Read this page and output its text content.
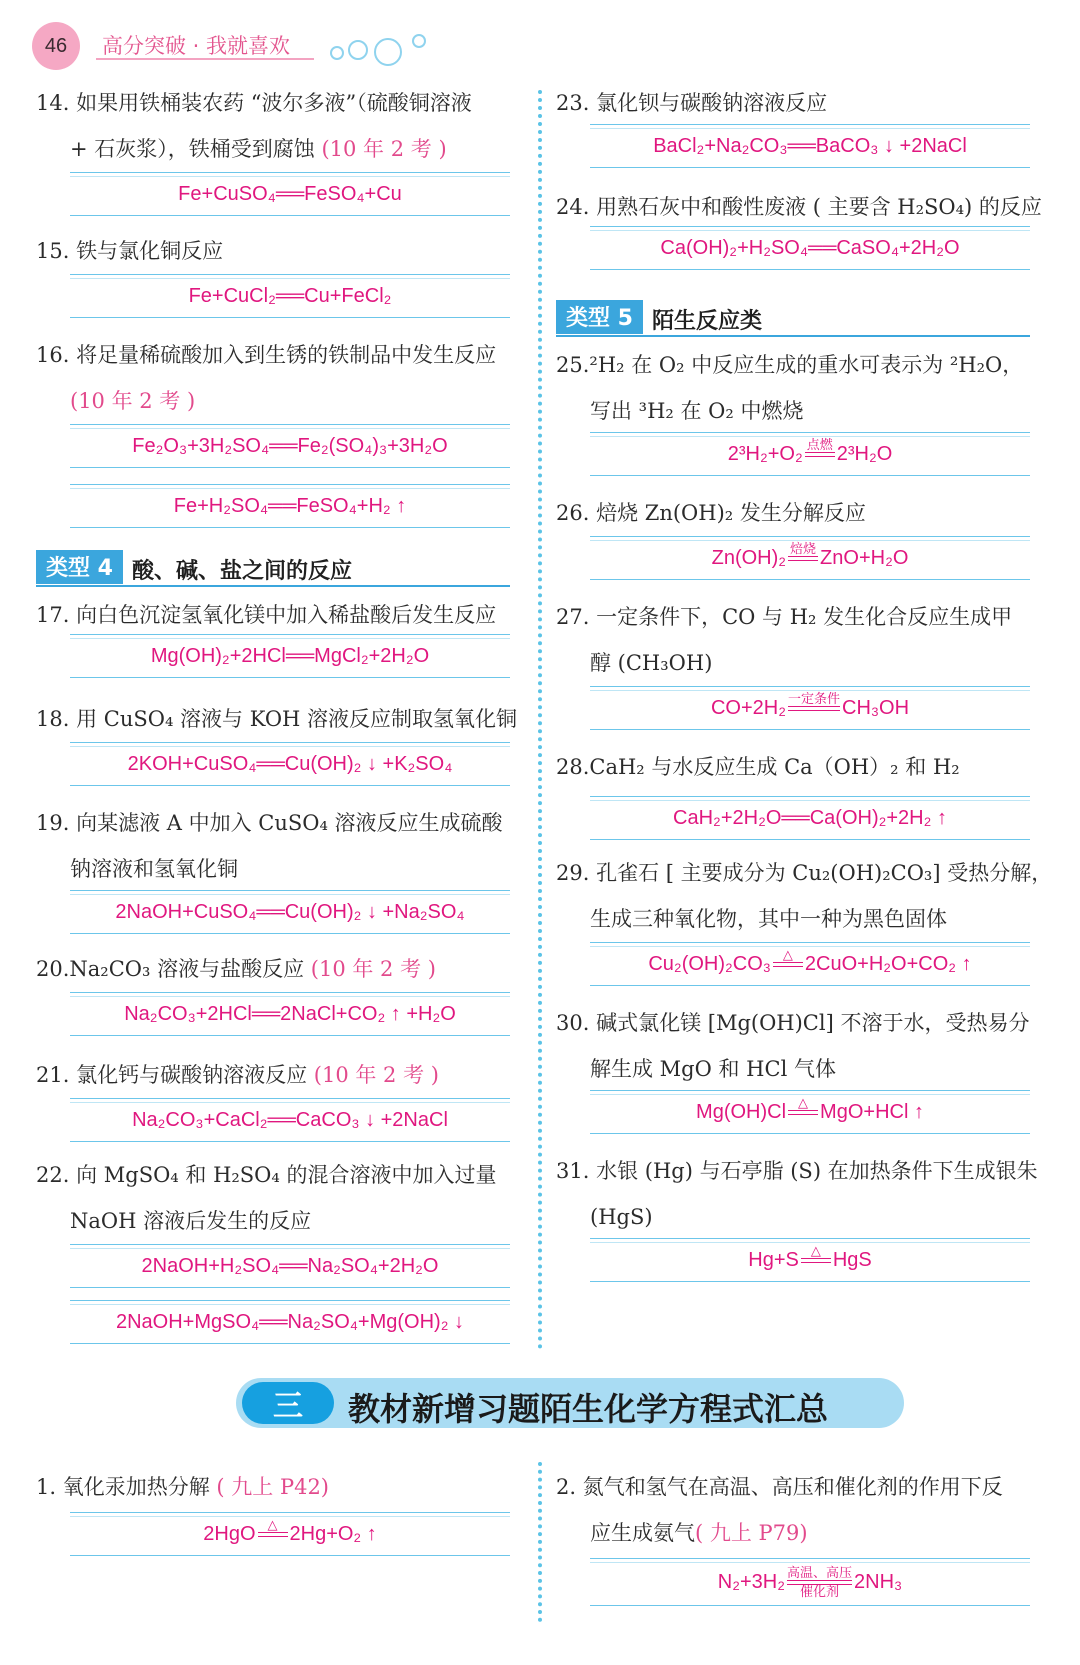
46	高分突破 · 我就喜欢
14. 如果用铁桶装农药 “波尔多液”（硫酸铜溶液
+ 石灰浆），铁桶受到腐蚀 (10 年 2 考 )
Fe+CuSO₄══FeSO₄+Cu
15. 铁与氯化铜反应
Fe+CuCl₂══Cu+FeCl₂
16. 将足量稀硫酸加入到生锈的铁制品中发生反应
(10 年 2 考 )
Fe₂O₃+3H₂SO₄══Fe₂(SO₄)₃+3H₂O
Fe+H₂SO₄══FeSO₄+H₂ ↑
类型 4 酸、碱、盐之间的反应
17. 向白色沉淀氢氧化镁中加入稀盐酸后发生反应
Mg(OH)₂+2HCl══MgCl₂+2H₂O
18. 用 CuSO₄ 溶液与 KOH 溶液反应制取氢氧化铜
2KOH+CuSO₄══Cu(OH)₂ ↓ +K₂SO₄
19. 向某滤液 A 中加入 CuSO₄ 溶液反应生成硫酸
钠溶液和氢氧化铜
2NaOH+CuSO₄══Cu(OH)₂ ↓ +Na₂SO₄
20.Na₂CO₃ 溶液与盐酸反应 (10 年 2 考 )
Na₂CO₃+2HCl══2NaCl+CO₂ ↑ +H₂O
21. 氯化钙与碳酸钠溶液反应 (10 年 2 考 )
Na₂CO₃+CaCl₂══CaCO₃ ↓ +2NaCl
22. 向 MgSO₄ 和 H₂SO₄ 的混合溶液中加入过量
NaOH 溶液后发生的反应
2NaOH+H₂SO₄══Na₂SO₄+2H₂O
2NaOH+MgSO₄══Na₂SO₄+Mg(OH)₂ ↓
23. 氯化钡与碳酸钠溶液反应
BaCl₂+Na₂CO₃══BaCO₃ ↓ +2NaCl
24. 用熟石灰中和酸性废液 ( 主要含 H₂SO₄) 的反应
Ca(OH)₂+H₂SO₄══CaSO₄+2H₂O
类型 5 陌生反应类
25.²H₂ 在 O₂ 中反应生成的重水可表示为 ²H₂O，
写出 ³H₂ 在 O₂ 中燃烧
2³H₂+O₂ 点燃
2³H₂O
26. 焙烧 Zn(OH)₂ 发生分解反应
Zn(OH)₂ 焙烧
ZnO+H₂O
27. 一定条件下，CO 与 H₂ 发生化合反应生成甲
醇 (CH₃OH)
CO+2H₂ 一定条件
CH₃OH
28.CaH₂ 与水反应生成 Ca（OH）₂ 和 H₂
CaH₂+2H₂O══Ca(OH)₂+2H₂ ↑
29. 孔雀石 [ 主要成分为 Cu₂(OH)₂CO₃] 受热分解，
生成三种氧化物，其中一种为黑色固体
Cu₂(OH)₂CO₃ △
2CuO+H₂O+CO₂ ↑
30. 碱式氯化镁 [Mg(OH)Cl] 不溶于水，受热易分
解生成 MgO 和 HCl 气体
Mg(OH)Cl △
MgO+HCl ↑
31. 水银 (Hg) 与石亭脂 (S) 在加热条件下生成银朱
(HgS)
Hg+S △
HgS
三	教材新增习题陌生化学方程式汇总
1. 氧化汞加热分解 ( 九上 P42)
2HgO △
2Hg+O₂ ↑
2. 氮气和氢气在高温、高压和催化剂的作用下反
应生成氨气( 九上 P79)
N₂+3H₂ 高温、高压
催化剂 2NH₃
